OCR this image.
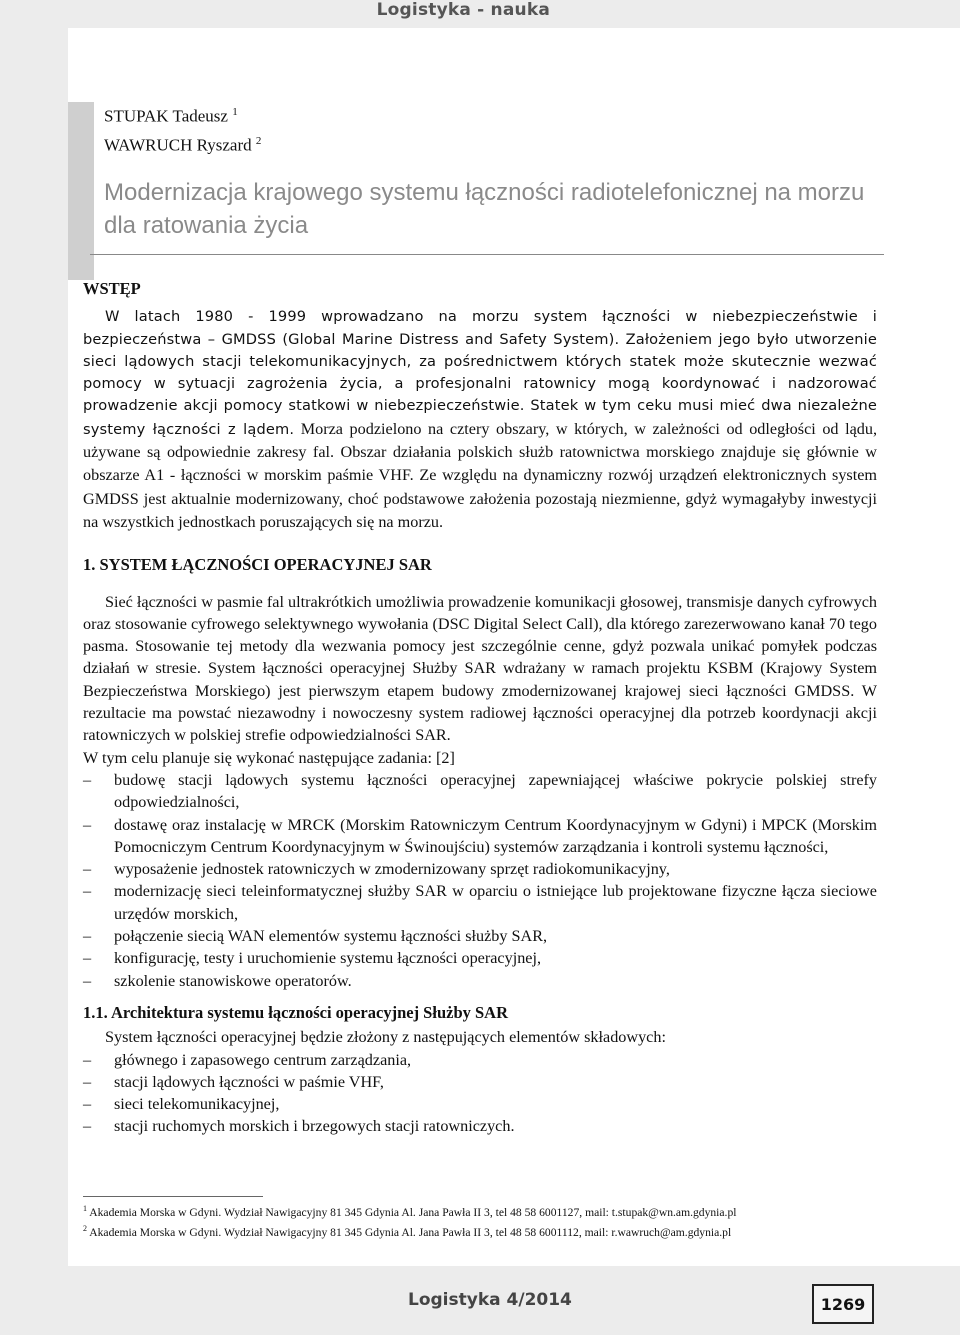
Logistyka - nauka
STUPAK Tadeusz $^1$
WAWRUCH Ryszard $^2$
Modernizacja krajowego systemu łączności radiotelefonicznej na morzu
dla ratowania życia
WSTĘP

W latach 1980 - 1999 wprowadzano na morzu system łączności w niebezpieczeństwie i bezpieczeństwa – GMDSS (Global Marine Distress and Safety System). Założeniem jego było utworzenie sieci lądowych stacji telekomunikacyjnych, za pośrednictwem których statek może skutecznie wezwać pomocy w sytuacji zagrożenia życia, a profesjonalni ratownicy mogą koordynować i nadzorować prowadzenie akcji pomocy statkowi w niebezpieczeństwie. Statek w tym ceku musi mieć dwa niezależne systemy łączności z lądem. Morza podzielono na cztery obszary, w których, w zależności od odległości od lądu, używane są odpowiednie zakresy fal. Obszar działania polskich służb ratownictwa morskiego znajduje się głównie w obszarze A1 - łączności w morskim paśmie VHF. Ze względu na dynamiczny rozwój urządzeń elektronicznych system GMDSS jest aktualnie modernizowany, choć podstawowe założenia pozostają niezmienne, gdyż wymagałyby inwestycji na wszystkich jednostkach poruszających się na morzu.

1. SYSTEM ŁĄCZNOŚCI OPERACYJNEJ SAR

Sieć łączności w pasmie fal ultrakrótkich umożliwia prowadzenie komunikacji głosowej, transmisje danych cyfrowych oraz stosowanie cyfrowego selektywnego wywołania (DSC Digital Select Call), dla którego zarezerwowano kanał 70 tego pasma. Stosowanie tej metody dla wezwania pomocy jest szczególnie cenne, gdyż pozwala unikać pomyłek podczas działań w stresie. System łączności operacyjnej Służby SAR wdrażany w ramach projektu KSBM (Krajowy System Bezpieczeństwa Morskiego) jest pierwszym etapem budowy zmodernizowanej krajowej sieci łączności GMDSS. W rezultacie ma powstać niezawodny i nowoczesny system radiowej łączności operacyjnej dla potrzeb koordynacji akcji ratowniczych w polskiej strefie odpowiedzialności SAR.

W tym celu planuje się wykonać następujące zadania: [2]

– budowę stacji lądowych systemu łączności operacyjnej zapewniającej właściwe pokrycie polskiej strefy odpowiedzialności,
– dostawę oraz instalację w MRCK (Morskim Ratowniczym Centrum Koordynacyjnym w Gdyni) i MPCK (Morskim Pomocniczym Centrum Koordynacyjnym w Świnoujściu) systemów zarządzania i kontroli systemu łączności,
– wyposażenie jednostek ratowniczych w zmodernizowany sprzęt radiokomunikacyjny,
– modernizację sieci teleinformatycznej służby SAR w oparciu o istniejące lub projektowane fizyczne łącza sieciowe urzędów morskich,
– połączenie siecią WAN elementów systemu łączności służby SAR,
– konfigurację, testy i uruchomienie systemu łączności operacyjnej,
– szkolenie stanowiskowe operatorów.
1.1. Architektura systemu łączności operacyjnej Służby SAR

System łączności operacyjnej będzie złożony z następujących elementów składowych:

– głównego i zapasowego centrum zarządzania,
– stacji lądowych łączności w paśmie VHF,
– sieci telekomunikacyjnej,
– stacji ruchomych morskich i brzegowych stacji ratowniczych.
$^1$ Akademia Morska w Gdyni. Wydział Nawigacyjny 81 345 Gdynia Al. Jana Pawła II 3, tel 48 58 6001127, mail: t.stupak@wn.am.gdynia.pl
$^2$ Akademia Morska w Gdyni. Wydział Nawigacyjny 81 345 Gdynia Al. Jana Pawła II 3, tel 48 58 6001112, mail: r.wawruch@am.gdynia.pl
Logistyka 4/2014	1269
